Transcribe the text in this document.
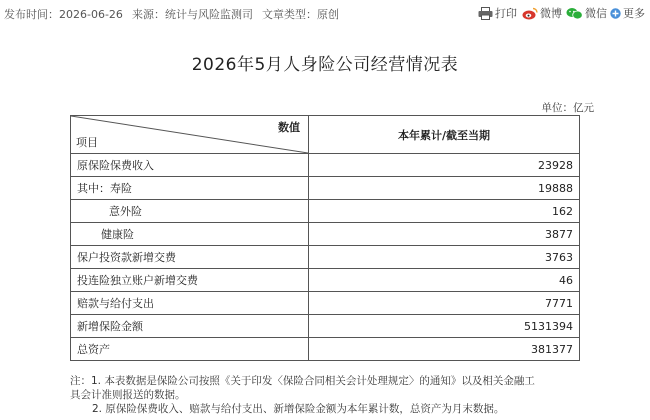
发布时间：2026-06-26 来源：统计与风险监测司 文章类型：原创	打印 微博 微信 更多
2026年5月人身险公司经营情况表
单位：亿元
数值
项目	本年累计/截至当期
原保险保费收入	23928
其中：寿险	19888
意外险	162
健康险	3877
保户投资款新增交费	3763
投连险独立账户新增交费	46
赔款与给付支出	7771
新增保险金额	5131394
总资产	381377
注：1. 本表数据是保险公司按照《关于印发〈保险合同相关会计处理规定〉的通知》以及相关金融工
具会计准则报送的数据。
2. 原保险保费收入、赔款与给付支出、新增保险金额为本年累计数，总资产为月末数据。
